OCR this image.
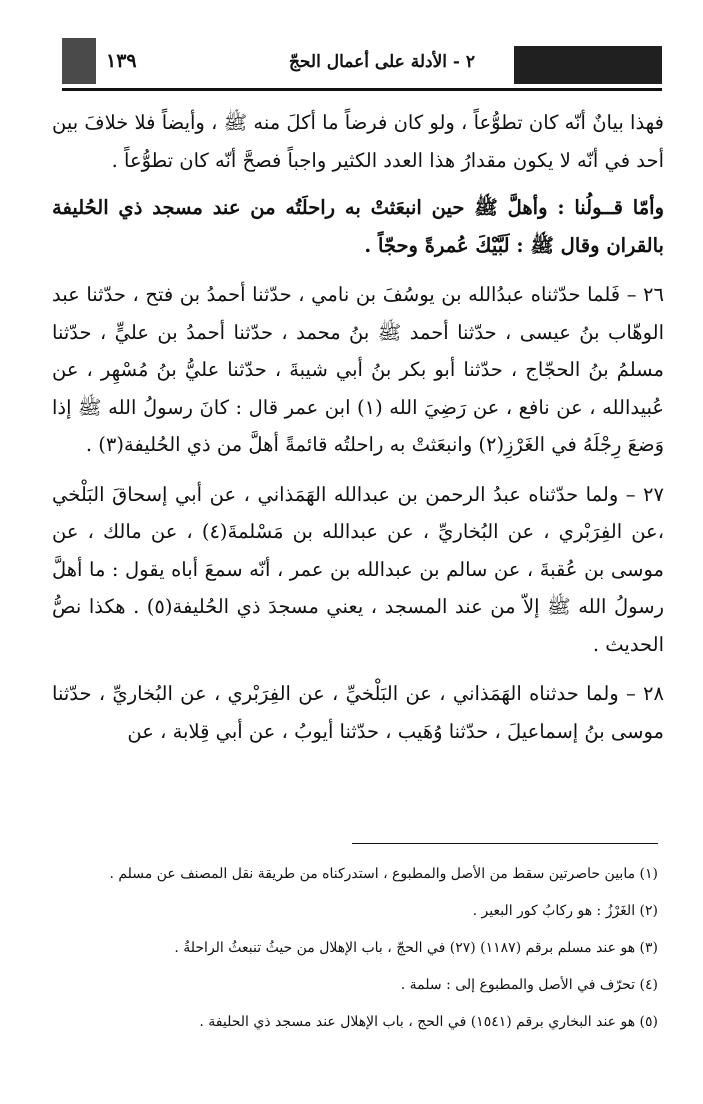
١٣٩	٢ - الأدلة على أعمال الحجّ

فهذا بيانٌ أنّه كان تطوُّعاً ، ولو كان فرضاً ما أكلَ منه ﷺ ، وأيضاً فلا خلافَ بين أحد في أنّه لا يكون مقدارُ هذا العدد الكثير واجباً فصحَّ أنّه كان تطوُّعاً .

وأمّا قــولُنا : وأهلَّ ﷺ حين انبعَثتْ به راحلَتُه من عند مسجد ذي الحُليفة بالقران وقال ﷺ : لَبَّيْكَ عُمرةً وحجّاً .

٢٦ – فَلما حدّثناه عبدُالله بن يوسُفَ بن نامي ، حدّثنا أحمدُ بن فتح ، حدّثنا عبد الوهّاب بنُ عيسى ، حدّثنا أحمد ﷺ بنُ محمد ، حدّثنا أحمدُ بن عليٍّ ، حدّثنا مسلمُ بنُ الحجّاج ، حدّثنا أبو بكر بنُ أبي شيبةَ ، حدّثنا عليُّ بنُ مُسْهِر ، عن عُبيدالله ، عن نافع ، عن رَضِيَ الله (١) ابن عمر قال : كانَ رسولُ الله ﷺ إذا وَضعَ رِجْلَهُ في الغَرْزِ(٢) وانبعَثتْ به راحلتُه قائمةً أهلَّ من ذي الحُليفة(٣) .

٢٧ – ولما حدّثناه عبدُ الرحمن بن عبدالله الهَمَذاني ، عن أبي إسحاقَ البَلْخي ،عن الفِرَبْري ، عن البُخاريِّ ، عن عبدالله بن مَسْلمةَ(٤) ، عن مالك ، عن موسى بن عُقبةَ ، عن سالم بن عبدالله بن عمر ، أنّه سمعَ أباه يقول : ما أهلَّ رسولُ الله ﷺ إلاّ من عند المسجد ، يعني مسجدَ ذي الحُليفة(٥) . هكذا نصُّ الحديث .

٢٨ – ولما حدثناه الهَمَذاني ، عن البَلْخيِّ ، عن الفِرَبْري ، عن البُخاريِّ ، حدّثنا موسى بنُ إسماعيلَ ، حدّثنا وُهَيب ، حدّثنا أيوبُ ، عن أبي قِلابة ، عن

(١) مابين حاصرتين سقط من الأصل والمطبوع ، استدركناه من طريقة نقل المصنف عن مسلم .

(٢) الغَرْزُ : هو ركابُ كور البعير .

(٣) هو عند مسلم برقم (١١٨٧) (٢٧) في الحجّ ، باب الإهلال من حيثُ تنبعثُ الراحلةُ .

(٤) تحرّف في الأصل والمطبوع إلى : سلمة .

(٥) هو عند البخاري برقم (١٥٤١) في الحج ، باب الإهلال عند مسجد ذي الحليفة .
